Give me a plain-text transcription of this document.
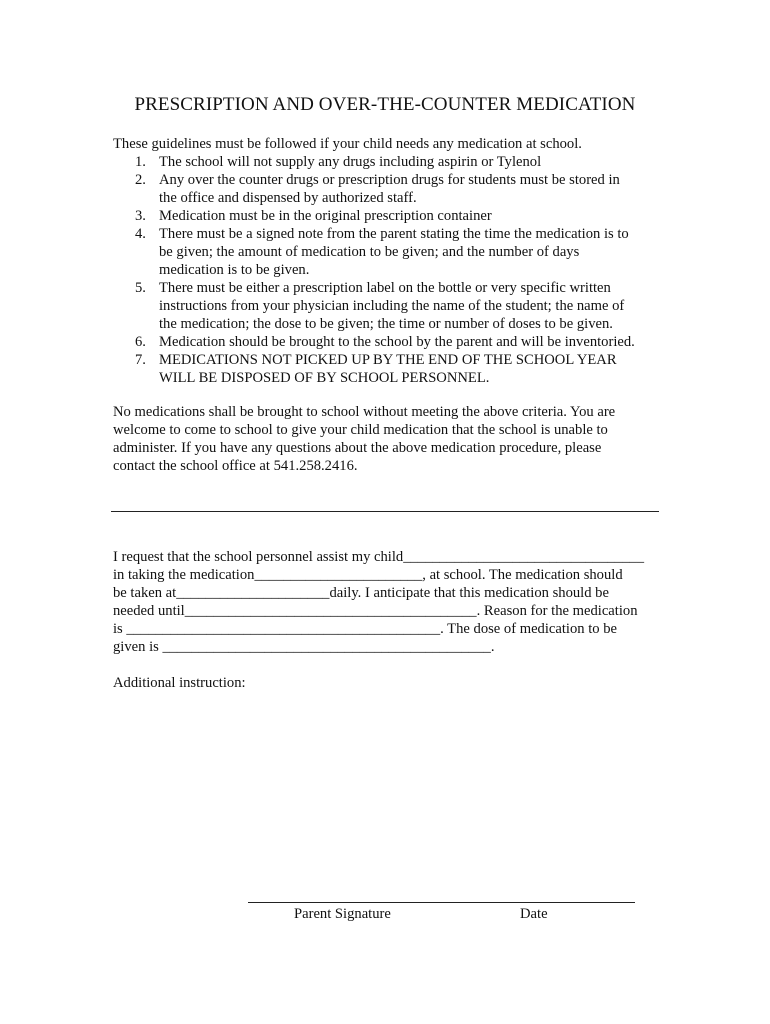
PRESCRIPTION AND OVER-THE-COUNTER MEDICATION
These guidelines must be followed if your child needs any medication at school.
1. The school will not supply any drugs including aspirin or Tylenol
2. Any over the counter drugs or prescription drugs for students must be stored in
the office and dispensed by authorized staff.
3. Medication must be in the original prescription container
4. There must be a signed note from the parent stating the time the medication is to
be given; the amount of medication to be given; and the number of days
medication is to be given.
5. There must be either a prescription label on the bottle or very specific written
instructions from your physician including the name of the student; the name of
the medication; the dose to be given; the time or number of doses to be given.
6. Medication should be brought to the school by the parent and will be inventoried.
7. MEDICATIONS NOT PICKED UP BY THE END OF THE SCHOOL YEAR
WILL BE DISPOSED OF BY SCHOOL PERSONNEL.
No medications shall be brought to school without meeting the above criteria. You are
welcome to come to school to give your child medication that the school is unable to
administer. If you have any questions about the above medication procedure, please
contact the school office at 541.258.2416.
I request that the school personnel assist my child_________________________________
in taking the medication_______________________, at school. The medication should
be taken at_____________________daily. I anticipate that this medication should be
needed until________________________________________. Reason for the medication
is ___________________________________________. The dose of medication to be
given is _____________________________________________.
Additional instruction:
Parent Signature	Date
